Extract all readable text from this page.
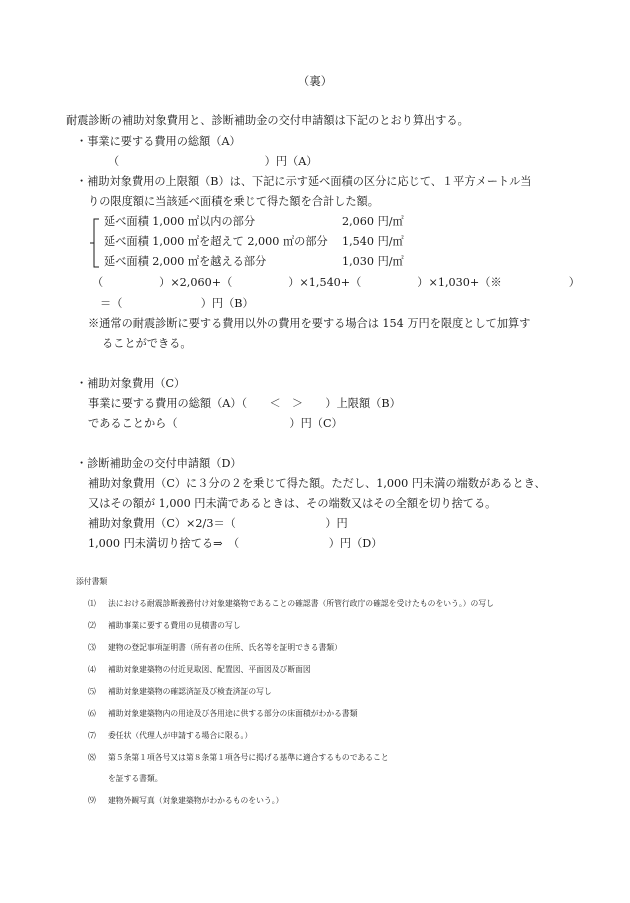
（裏）
耐震診断の補助対象費用と、診断補助金の交付申請額は下記のとおり算出する。
・事業に要する費用の総額（A）
（　　　　　　　　　　　　　）円（A）
・補助対象費用の上限額（B）は、下記に示す延べ面積の区分に応じて、１平方メートル当
りの限度額に当該延べ面積を乗じて得た額を合計した額。
延べ面積 1,000 ㎡以内の部分	2,060 円/㎡
延べ面積 1,000 ㎡を超えて 2,000 ㎡の部分 1,540 円/㎡
延べ面積 2,000 ㎡を越える部分	1,030 円/㎡
（　　　　　）×2,060+（　　　　　）×1,540+（　　　　　）×1,030+（※　　　　　　）
＝（　　　　　　　）円（B）
※通常の耐震診断に要する費用以外の費用を要する場合は 154 万円を限度として加算す
ることができる。
・補助対象費用（C）
事業に要する費用の総額（A）（　　＜　＞　　）上限額（B）
であることから（　　　　　　　　　　）円（C）
・診断補助金の交付申請額（D）
補助対象費用（C）に３分の２を乗じて得た額。ただし、1,000 円未満の端数があるとき、
又はその額が 1,000 円未満であるときは、その端数又はその全額を切り捨てる。
補助対象費用（C）×2/3＝（　　　　　　　　）円
1,000 円未満切り捨てる⇒　（　　　　　　　　）円（D）
添付書類
⑴ 法における耐震診断義務付け対象建築物であることの確認書（所管行政庁の確認を受けたものをいう。）の写し
⑵ 補助事業に要する費用の見積書の写し
⑶ 建物の登記事項証明書（所有者の住所、氏名等を証明できる書類）
⑷ 補助対象建築物の付近見取図、配置図、平面図及び断面図
⑸ 補助対象建築物の確認済証及び検査済証の写し
⑹ 補助対象建築物内の用途及び各用途に供する部分の床面積がわかる書類
⑺ 委任状（代理人が申請する場合に限る。）
⑻ 第５条第１項各号又は第８条第１項各号に掲げる基準に適合するものであること
を証する書類。
⑼ 建物外観写真（対象建築物がわかるものをいう。）
